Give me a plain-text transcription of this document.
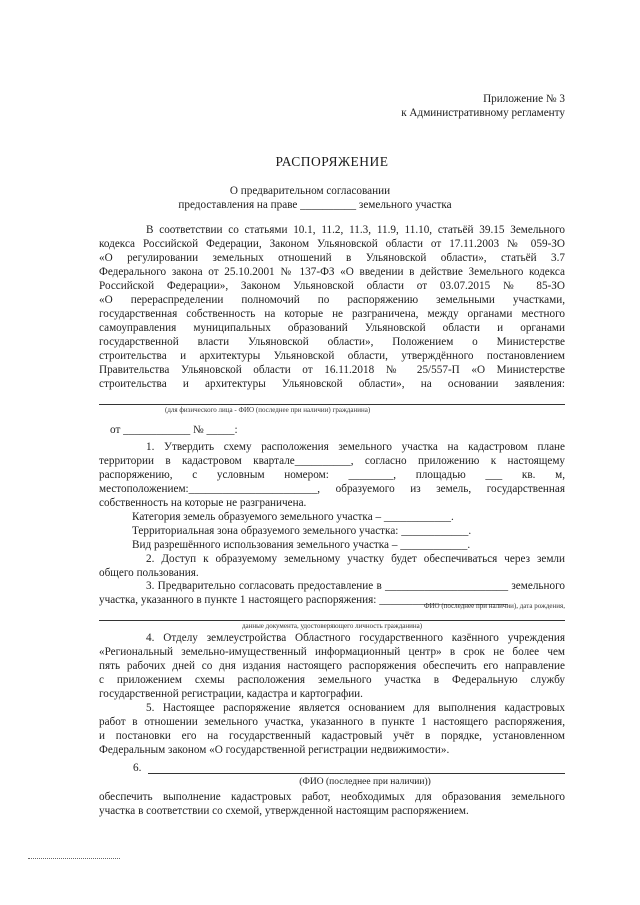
Приложение № 3
к Административному регламенту
РАСПОРЯЖЕНИЕ
О предварительном согласовании
предоставления на праве __________ земельного участка
В соответствии со статьями 10.1, 11.2, 11.3, 11.9, 11.10, статьёй 39.15 Земельного
кодекса Российской Федерации, Законом Ульяновской области от 17.11.2003 № 059-ЗО
«О регулировании земельных отношений в Ульяновской области», статьёй 3.7
Федерального закона от 25.10.2001 № 137-ФЗ «О введении в действие Земельного кодекса
Российской Федерации», Законом Ульяновской области от 03.07.2015 № 85-ЗО
«О перераспределении полномочий по распоряжению земельными участками,
государственная собственность на которые не разграничена, между органами местного
самоуправления муниципальных образований Ульяновской области и органами
государственной власти Ульяновской области», Положением о Министерстве
строительства и архитектуры Ульяновской области, утверждённого постановлением
Правительства Ульяновской области от 16.11.2018 № 25/557-П «О Министерстве
строительства и архитектуры Ульяновской области», на основании заявления:
(для физического лица - ФИО (последнее при наличии) гражданина)
от ____________ № _____:
1. Утвердить схему расположения земельного участка на кадастровом плане
территории в кадастровом квартале__________, согласно приложению к настоящему
распоряжению, с условным номером: ________, площадью ___ кв. м,
местоположением:_______________________, образуемого из земель, государственная
собственность на которые не разграничена.
Категория земель образуемого земельного участка – ____________.
Территориальная зона образуемого земельного участка: ____________.
Вид разрешённого использования земельного участка – ____________.
2. Доступ к образуемому земельному участку будет обеспечиваться через земли
общего пользования.
3. Предварительно согласовать предоставление в ______________________ земельного
участка, указанного в пункте 1 настоящего распоряжения: _______________________
ФИО (последнее при наличии), дата рождения,
данные документа, удостоверяющего личность гражданина)
4. Отделу землеустройства Областного государственного казённого учреждения
«Региональный земельно-имущественный информационный центр» в срок не более чем
пять рабочих дней со дня издания настоящего распоряжения обеспечить его направление
с приложением схемы расположения земельного участка в Федеральную службу
государственной регистрации, кадастра и картографии.
5. Настоящее распоряжение является основанием для выполнения кадастровых
работ в отношении земельного участка, указанного в пункте 1 настоящего распоряжения,
и постановки его на государственный кадастровый учёт в порядке, установленном
Федеральным законом «О государственной регистрации недвижимости».
6.
(ФИО (последнее при наличии))
обеспечить выполнение кадастровых работ, необходимых для образования земельного
участка в соответствии со схемой, утвержденной настоящим распоряжением.
